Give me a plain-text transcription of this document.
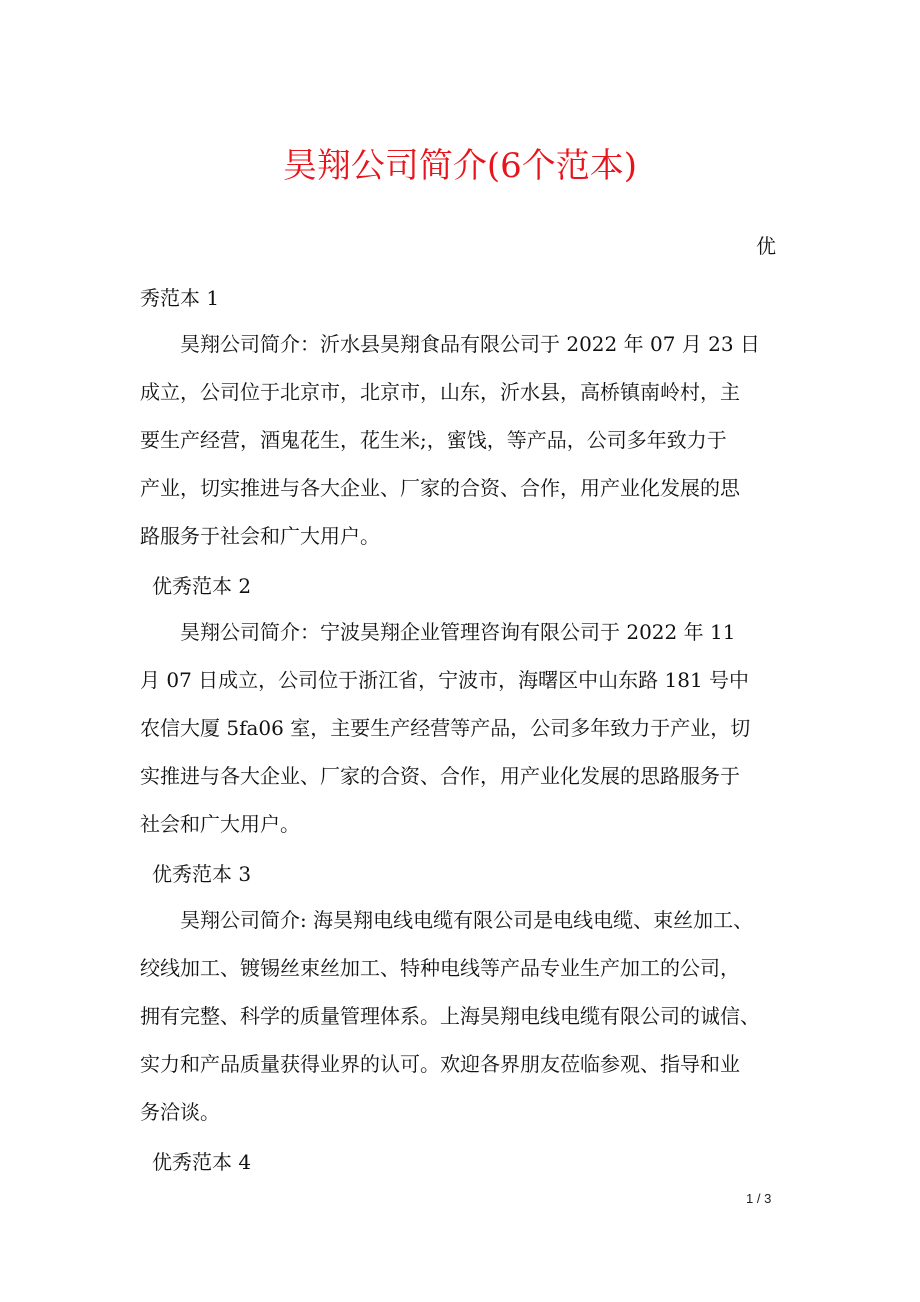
昊翔公司简介(6个范本)
优
秀范本 1
昊翔公司简介：沂水县昊翔食品有限公司于 2022 年 07 月 23 日
成立，公司位于北京市，北京市，山东，沂水县，高桥镇南岭村，主
要生产经营，酒鬼花生，花生米;，蜜饯，等产品，公司多年致力于
产业，切实推进与各大企业、厂家的合资、合作，用产业化发展的思
路服务于社会和广大用户。
优秀范本 2
昊翔公司简介：宁波昊翔企业管理咨询有限公司于 2022 年 11
月 07 日成立，公司位于浙江省，宁波市，海曙区中山东路 181 号中
农信大厦 5fa06 室，主要生产经营等产品，公司多年致力于产业，切
实推进与各大企业、厂家的合资、合作，用产业化发展的思路服务于
社会和广大用户。
优秀范本 3
昊翔公司简介: 海昊翔电线电缆有限公司是电线电缆、束丝加工、
绞线加工、镀锡丝束丝加工、特种电线等产品专业生产加工的公司，
拥有完整、科学的质量管理体系。上海昊翔电线电缆有限公司的诚信、
实力和产品质量获得业界的认可。欢迎各界朋友莅临参观、指导和业
务洽谈。
优秀范本 4
1 / 3
